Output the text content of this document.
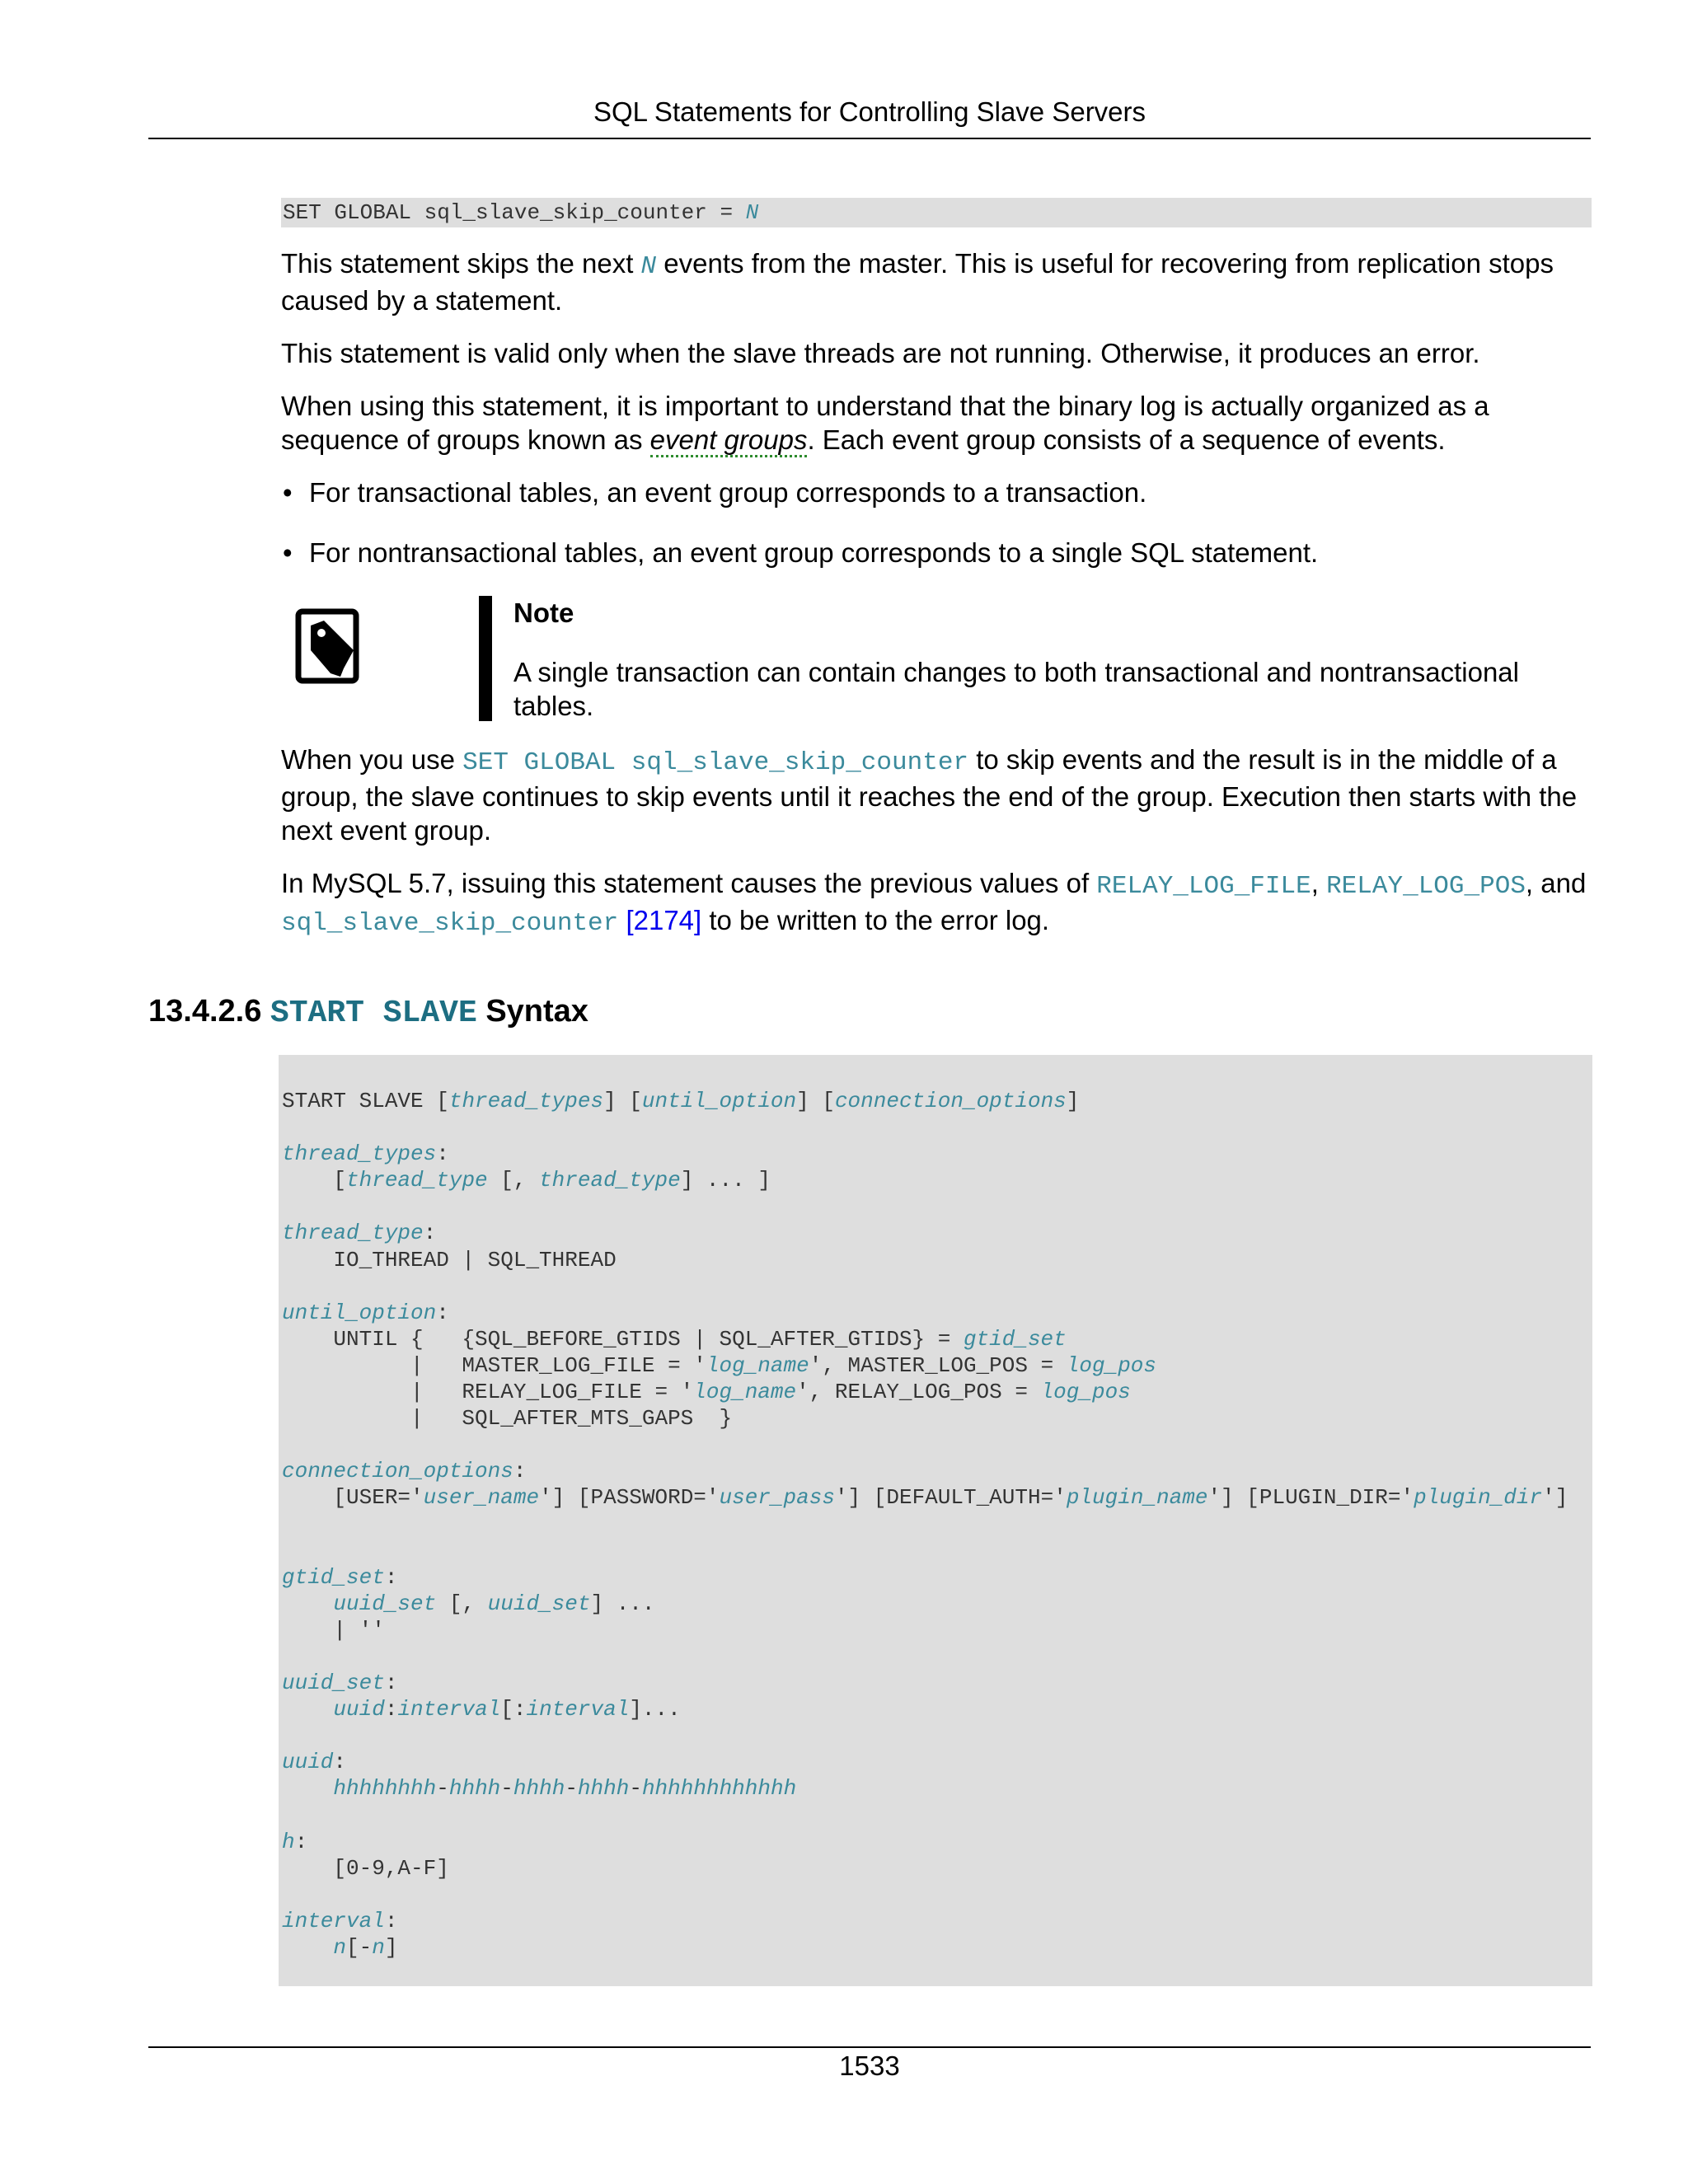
SQL Statements for Controlling Slave Servers
SET GLOBAL sql_slave_skip_counter = N

This statement skips the next N events from the master. This is useful for recovering from replication stops caused by a statement.

This statement is valid only when the slave threads are not running. Otherwise, it produces an error.

When using this statement, it is important to understand that the binary log is actually organized as a sequence of groups known as event groups. Each event group consists of a sequence of events.

• For transactional tables, an event group corresponds to a transaction.
• For nontransactional tables, an event group corresponds to a single SQL statement.
Note
A single transaction can contain changes to both transactional and nontransactional tables.

When you use SET GLOBAL sql_slave_skip_counter to skip events and the result is in the middle of a group, the slave continues to skip events until it reaches the end of the group. Execution then starts with the next event group.

In MySQL 5.7, issuing this statement causes the previous values of RELAY_LOG_FILE, RELAY_LOG_POS, and sql_slave_skip_counter [2174] to be written to the error log.

13.4.2.6 START SLAVE Syntax
START SLAVE [thread_types] [until_option] [connection_options]

thread_types:
[thread_type [, thread_type] ... ]

thread_type:
IO_THREAD | SQL_THREAD

until_option:
UNTIL {   {SQL_BEFORE_GTIDS | SQL_AFTER_GTIDS} = gtid_set
|   MASTER_LOG_FILE = 'log_name', MASTER_LOG_POS = log_pos
|   RELAY_LOG_FILE = 'log_name', RELAY_LOG_POS = log_pos
|   SQL_AFTER_MTS_GAPS  }

connection_options:
[USER='user_name'] [PASSWORD='user_pass'] [DEFAULT_AUTH='plugin_name'] [PLUGIN_DIR='plugin_dir']

gtid_set:
uuid_set [, uuid_set] ...
| ''

uuid_set:
uuid:interval[:interval]...

uuid:
hhhhhhhh-hhhh-hhhh-hhhh-hhhhhhhhhhhh

h:
[0-9,A-F]

interval:
n[-n]
1533
